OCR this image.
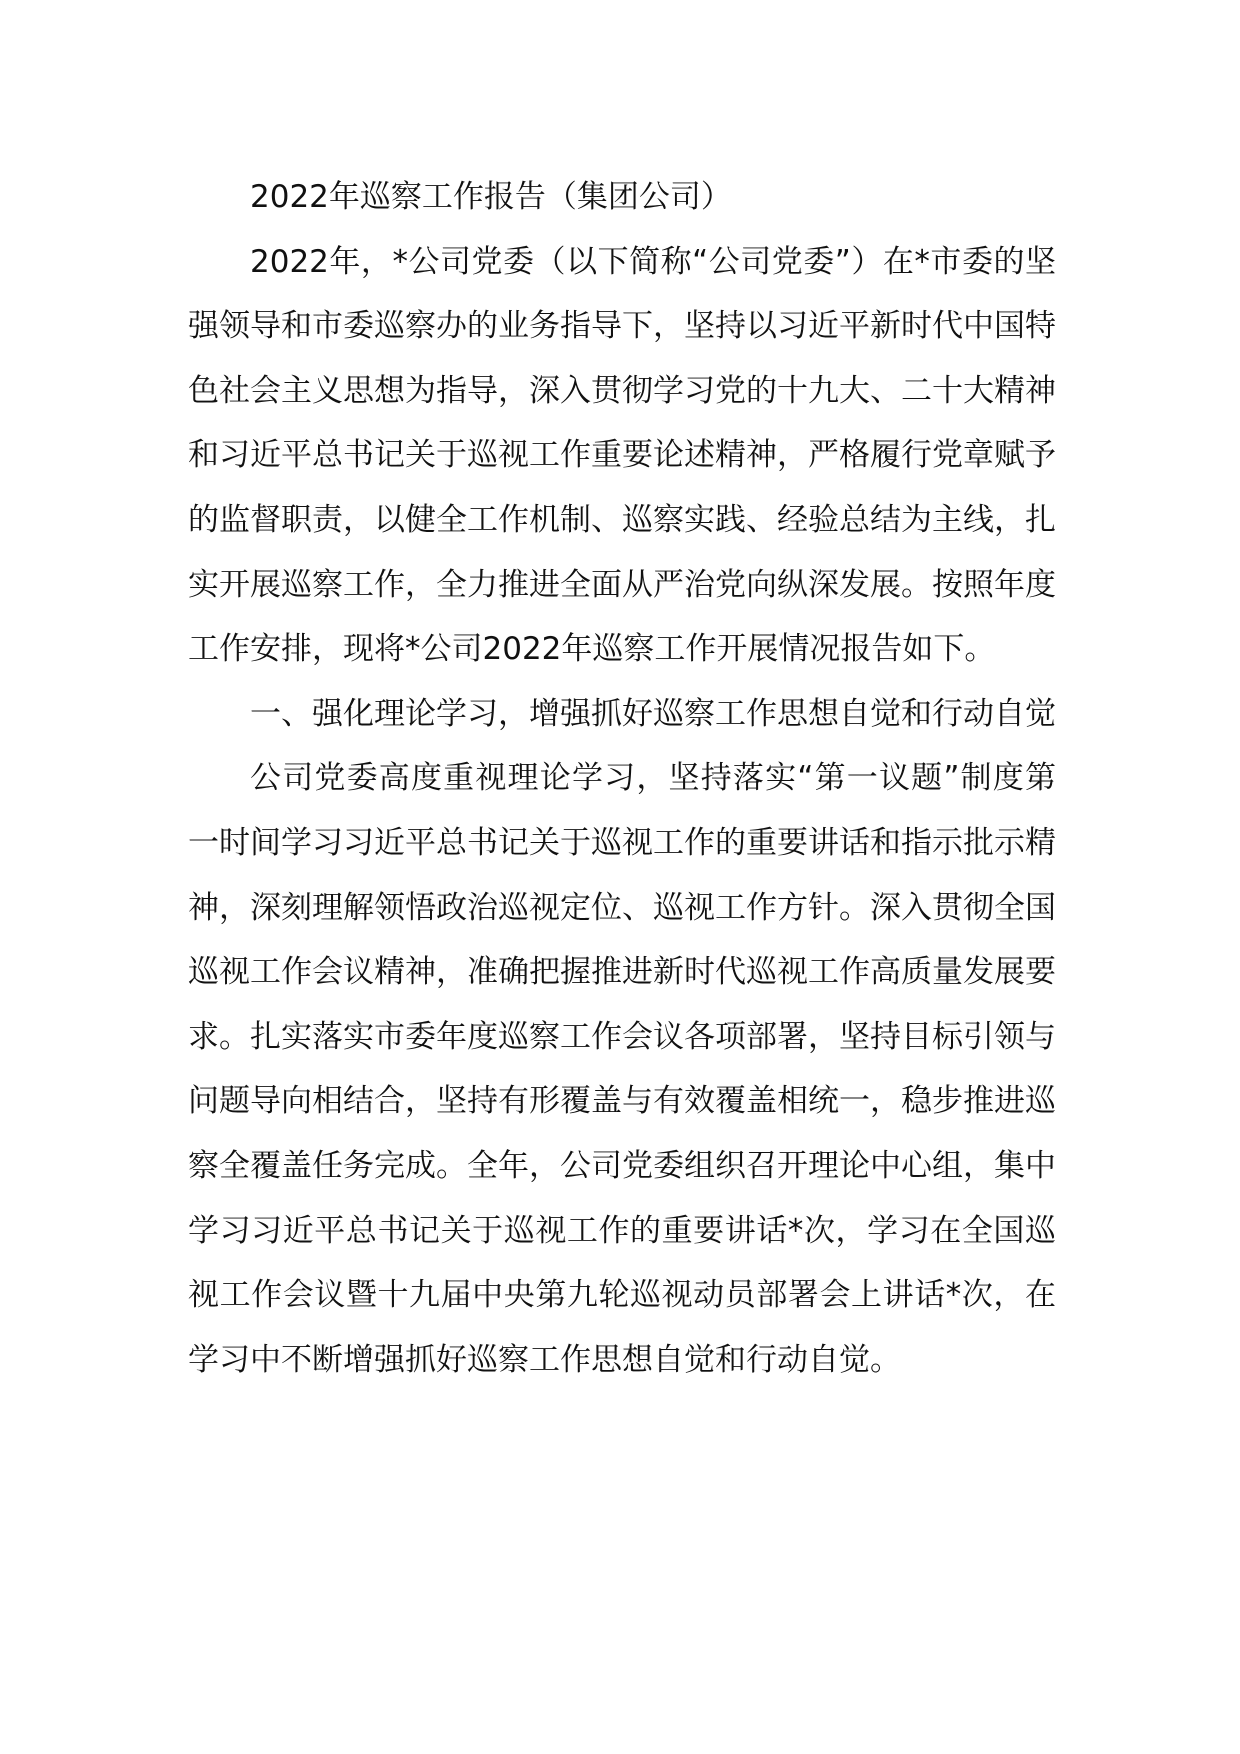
2022年巡察工作报告（集团公司）

2022年，*公司党委（以下简称“公司党委”）在*市委的坚强领导和市委巡察办的业务指导下，坚持以习近平新时代中国特色社会主义思想为指导，深入贯彻学习党的十九大、二十大精神和习近平总书记关于巡视工作重要论述精神，严格履行党章赋予的监督职责，以健全工作机制、巡察实践、经验总结为主线，扎实开展巡察工作，全力推进全面从严治党向纵深发展。按照年度工作安排，现将*公司2022年巡察工作开展情况报告如下。

一、强化理论学习，增强抓好巡察工作思想自觉和行动自觉

公司党委高度重视理论学习，坚持落实“第一议题”制度第一时间学习习近平总书记关于巡视工作的重要讲话和指示批示精神，深刻理解领悟政治巡视定位、巡视工作方针。深入贯彻全国巡视工作会议精神，准确把握推进新时代巡视工作高质量发展要求。扎实落实市委年度巡察工作会议各项部署，坚持目标引领与问题导向相结合，坚持有形覆盖与有效覆盖相统一，稳步推进巡察全覆盖任务完成。全年，公司党委组织召开理论中心组，集中学习习近平总书记关于巡视工作的重要讲话*次，学习在全国巡视工作会议暨十九届中央第九轮巡视动员部署会上讲话*次，在学习中不断增强抓好巡察工作思想自觉和行动自觉。
